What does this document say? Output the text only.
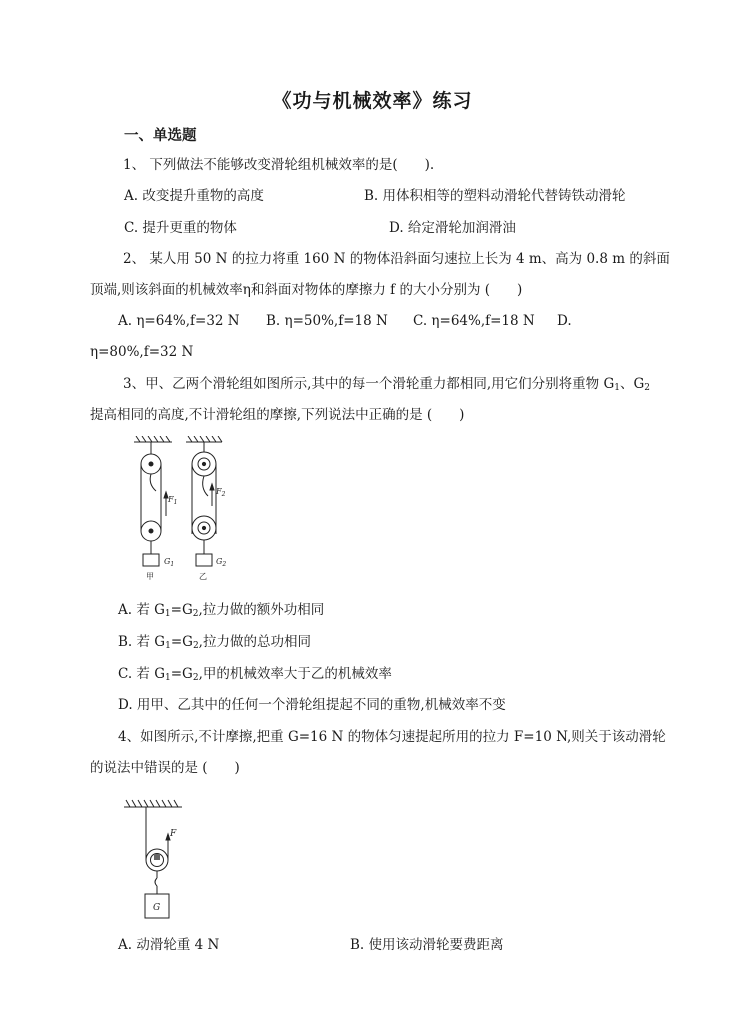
《功与机械效率》练习
一、单选题
1、 下列做法不能够改变滑轮组机械效率的是(　　).
A. 改变提升重物的高度	B. 用体积相等的塑料动滑轮代替铸铁动滑轮
C. 提升更重的物体	D. 给定滑轮加润滑油
2、 某人用 50 N 的拉力将重 160 N 的物体沿斜面匀速拉上长为 4 m、高为 0.8 m 的斜面
顶端,则该斜面的机械效率η和斜面对物体的摩擦力 f 的大小分别为 (　　)
A. η=64%,f=32 N B. η=50%,f=18 N C. η=64%,f=18 N D.
η=80%,f=32 N
3、甲、乙两个滑轮组如图所示,其中的每一个滑轮重力都相同,用它们分别将重物 $G_1$、$G_2$
提高相同的高度,不计滑轮组的摩擦,下列说法中正确的是 (　　)
$F_1$
$G_1$
甲
$F_2$
$G_2$
乙
A. 若 $G_1=G_2$,拉力做的额外功相同
B. 若 $G_1=G_2$,拉力做的总功相同
C. 若 $G_1=G_2$,甲的机械效率大于乙的机械效率
D. 用甲、乙其中的任何一个滑轮组提起不同的重物,机械效率不变
4、如图所示,不计摩擦,把重 G=16 N 的物体匀速提起所用的拉力 F=10 N,则关于该动滑轮
的说法中错误的是 (　　)
F
G
A. 动滑轮重 4 N	B. 使用该动滑轮要费距离
